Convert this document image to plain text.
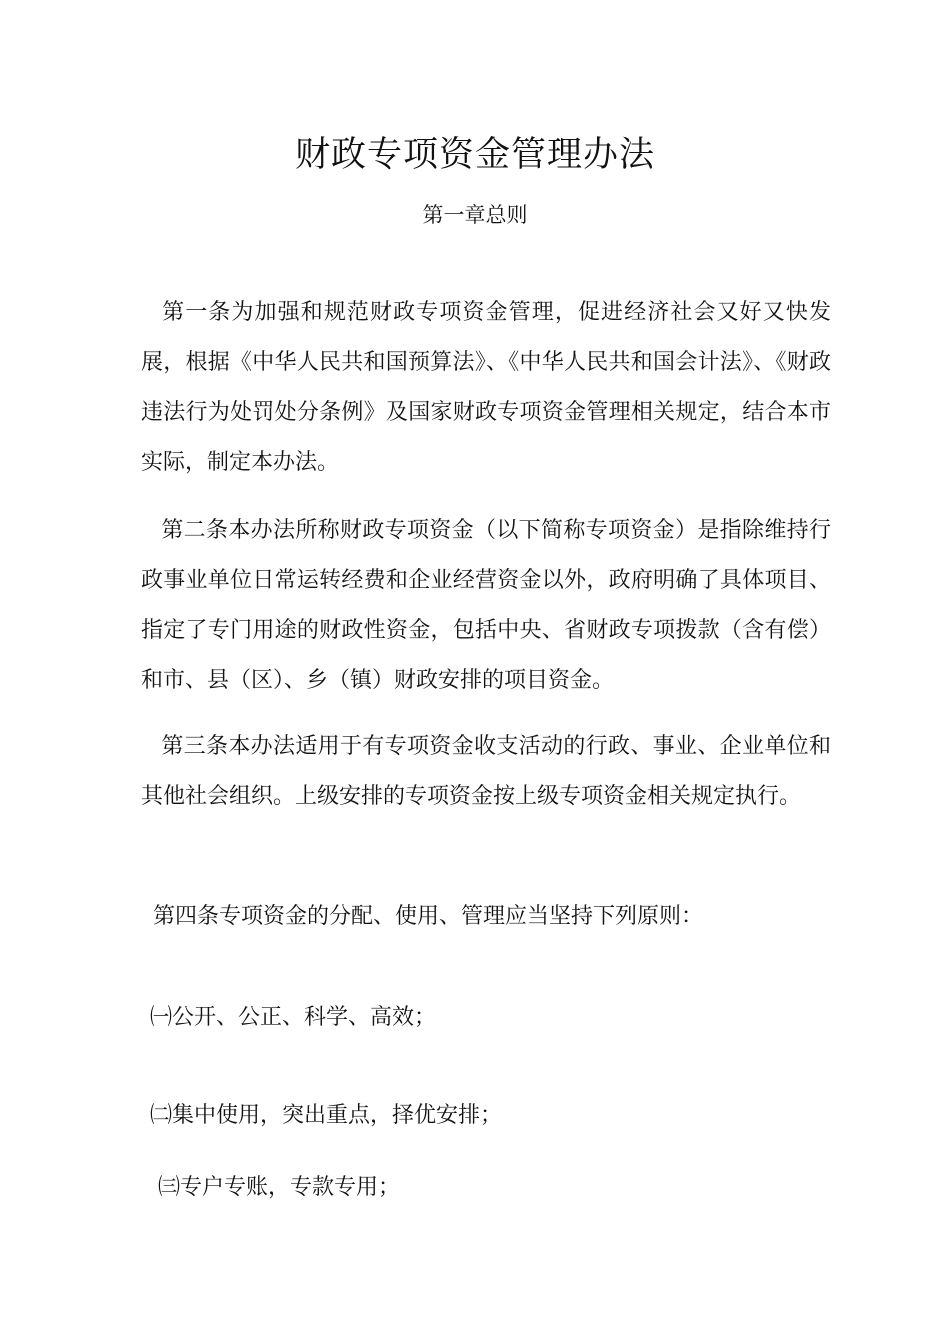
财政专项资金管理办法
第一章总则

第一条为加强和规范财政专项资金管理，促进经济社会又好又快发展，根据《中华人民共和国预算法》、《中华人民共和国会计法》、《财政违法行为处罚处分条例》及国家财政专项资金管理相关规定，结合本市实际，制定本办法。

第二条本办法所称财政专项资金（以下简称专项资金）是指除维持行政事业单位日常运转经费和企业经营资金以外，政府明确了具体项目、指定了专门用途的财政性资金，包括中央、省财政专项拨款（含有偿）和市、县（区）、乡（镇）财政安排的项目资金。

第三条本办法适用于有专项资金收支活动的行政、事业、企业单位和其他社会组织。上级安排的专项资金按上级专项资金相关规定执行。

第四条专项资金的分配、使用、管理应当坚持下列原则：

㈠公开、公正、科学、高效；

㈡集中使用，突出重点，择优安排；

㈢专户专账，专款专用；
